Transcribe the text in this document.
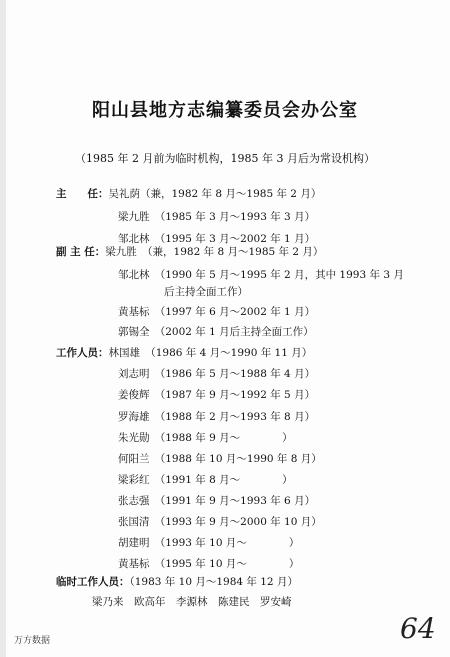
阳山县地方志编纂委员会办公室
（1985 年 2 月前为临时机构，1985 年 3 月后为常设机构）
主　　任：吴礼荫（兼，1982 年 8 月～1985 年 2 月）
梁九胜　（1985 年 3 月～1993 年 3 月）
邹北林　（1995 年 3 月～2002 年 1 月）
副 主 任：梁九胜　（兼，1982 年 8 月～1985 年 2 月）
邹北林　（1990 年 5 月～1995 年 2 月，其中 1993 年 3 月
后主持全面工作）
黄基标　（1997 年 6 月～2002 年 1 月）
郭锡全　（2002 年 1 月后主持全面工作）
工作人员：林国雄　（1986 年 4 月～1990 年 11 月）
刘志明　（1986 年 5 月～1988 年 4 月）
姜俊辉　（1987 年 9 月～1992 年 5 月）
罗海雄　（1988 年 2 月～1993 年 8 月）
朱光勋　（1988 年 9 月～　　　　）
何阳兰　（1988 年 10 月～1990 年 8 月）
梁彩红　（1991 年 8 月～　　　　）
张志强　（1991 年 9 月～1993 年 6 月）
张国清　（1993 年 9 月～2000 年 10 月）
胡建明　（1993 年 10 月～　　　　）
黄基标　（1995 年 10 月～　　　　）
临时工作人员：（1983 年 10 月～1984 年 12 月）
梁乃来　欧高年　李源林　陈建民　罗安崎
万方数据	64
